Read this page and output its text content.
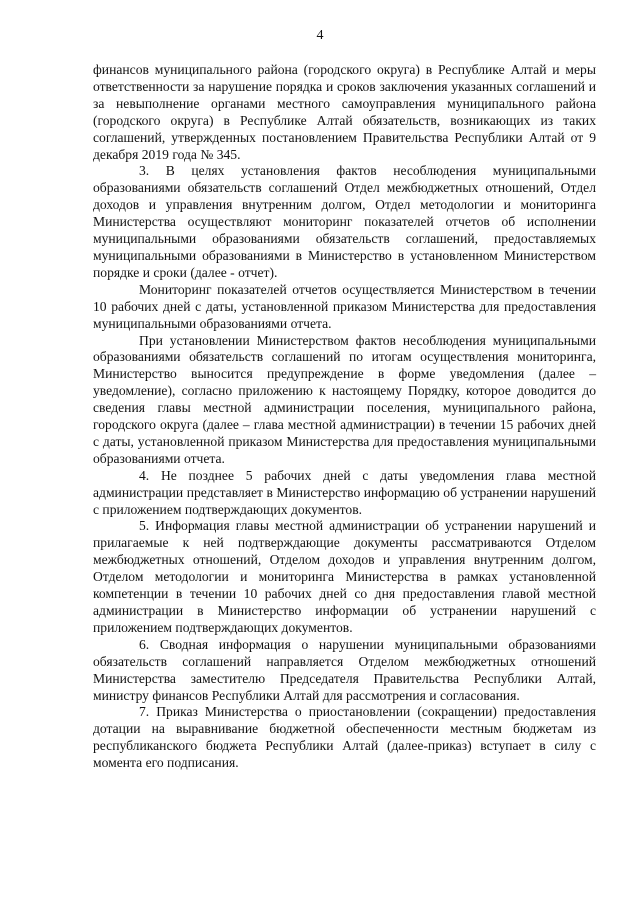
4

финансов муниципального района (городского округа) в Республике Алтай и меры ответственности за нарушение порядка и сроков заключения указанных соглашений и за невыполнение органами местного самоуправления муниципального района (городского округа) в Республике Алтай обязательств, возникающих из таких соглашений, утвержденных постановлением Правительства Республики Алтай от 9 декабря 2019 года № 345.

3. В целях установления фактов несоблюдения муниципальными образованиями обязательств соглашений Отдел межбюджетных отношений, Отдел доходов и управления внутренним долгом, Отдел методологии и мониторинга Министерства осуществляют мониторинг показателей отчетов об исполнении муниципальными образованиями обязательств соглашений, предоставляемых муниципальными образованиями в Министерство в установленном Министерством порядке и сроки (далее - отчет).

Мониторинг показателей отчетов осуществляется Министерством в течении 10 рабочих дней с даты, установленной приказом Министерства для предоставления муниципальными образованиями отчета.

При установлении Министерством фактов несоблюдения муниципальными образованиями обязательств соглашений по итогам осуществления мониторинга, Министерство выносится предупреждение в форме уведомления (далее – уведомление), согласно приложению к настоящему Порядку, которое доводится до сведения главы местной администрации поселения, муниципального района, городского округа (далее – глава местной администрации) в течении 15 рабочих дней с даты, установленной приказом Министерства для предоставления муниципальными образованиями отчета.

4. Не позднее 5 рабочих дней с даты уведомления глава местной администрации представляет в Министерство информацию об устранении нарушений с приложением подтверждающих документов.

5. Информация главы местной администрации об устранении нарушений и прилагаемые к ней подтверждающие документы рассматриваются Отделом межбюджетных отношений, Отделом доходов и управления внутренним долгом, Отделом методологии и мониторинга Министерства в рамках установленной компетенции в течении 10 рабочих дней со дня предоставления главой местной администрации в Министерство информации об устранении нарушений с приложением подтверждающих документов.

6. Сводная информация о нарушении муниципальными образованиями обязательств соглашений направляется Отделом межбюджетных отношений Министерства заместителю Председателя Правительства Республики Алтай, министру финансов Республики Алтай для рассмотрения и согласования.

7. Приказ Министерства о приостановлении (сокращении) предоставления дотации на выравнивание бюджетной обеспеченности местным бюджетам из республиканского бюджета Республики Алтай (далее-приказ) вступает в силу с момента его подписания.
